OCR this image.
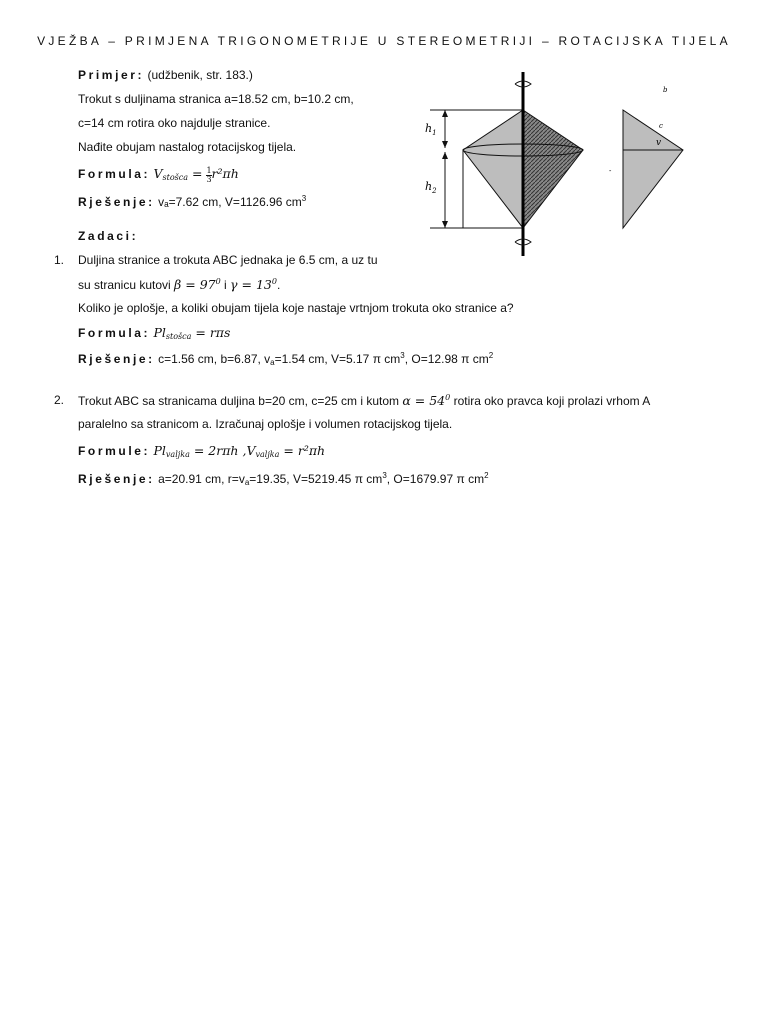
VJEŽBA – PRIMJENA TRIGONOMETRIJE U STEREOMETRIJI – ROTACIJSKA TIJELA
Primjer: (udžbenik, str. 183.)
Trokut s duljinama stranica a=18.52 cm, b=10.2 cm,
c=14 cm rotira oko najdulje stranice.
Nađite obujam nastalog rotacijskog tijela.
Formula: $V_{stošca} = \frac{1}{3} r^2\pi h$
Rješenje: vₐ=7.62 cm, V=1126.96 $cm^3$
Zadaci:
1. Duljina stranice a trokuta ABC jednaka je 6.5 cm, a uz tu
su stranicu kutovi $\beta = 97^0$ i $\gamma = 13^0$.
Koliko je oplošje, a koliki obujam tijela koje nastaje vrtnjom trokuta oko stranice a?
Formula: $Pl_{stošca} = r\pi s$
Rješenje: c=1.56 cm, b=6.87, $v_a=1.54$ cm, V=5.17 π $cm^3$, O=12.98 π $cm^2$
2. Trokut ABC sa stranicama duljina b=20 cm, c=25 cm i kutom $\alpha = 54^0$ rotira oko pravca koji prolazi vrhom A
paralelno sa stranicom a. Izračunaj oplošje i volumen rotacijskog tijela.
Formule: $Pl_{valjka} = 2r\pi h$ $,V_{valjka} = r^2\pi h$
Rješenje: a=20.91 cm, $r=v_a=19.35$, V=5219.45 π $cm^3$, O=1679.97 π $cm^2$
$h_1$
$h_2$
v
c
b
-
